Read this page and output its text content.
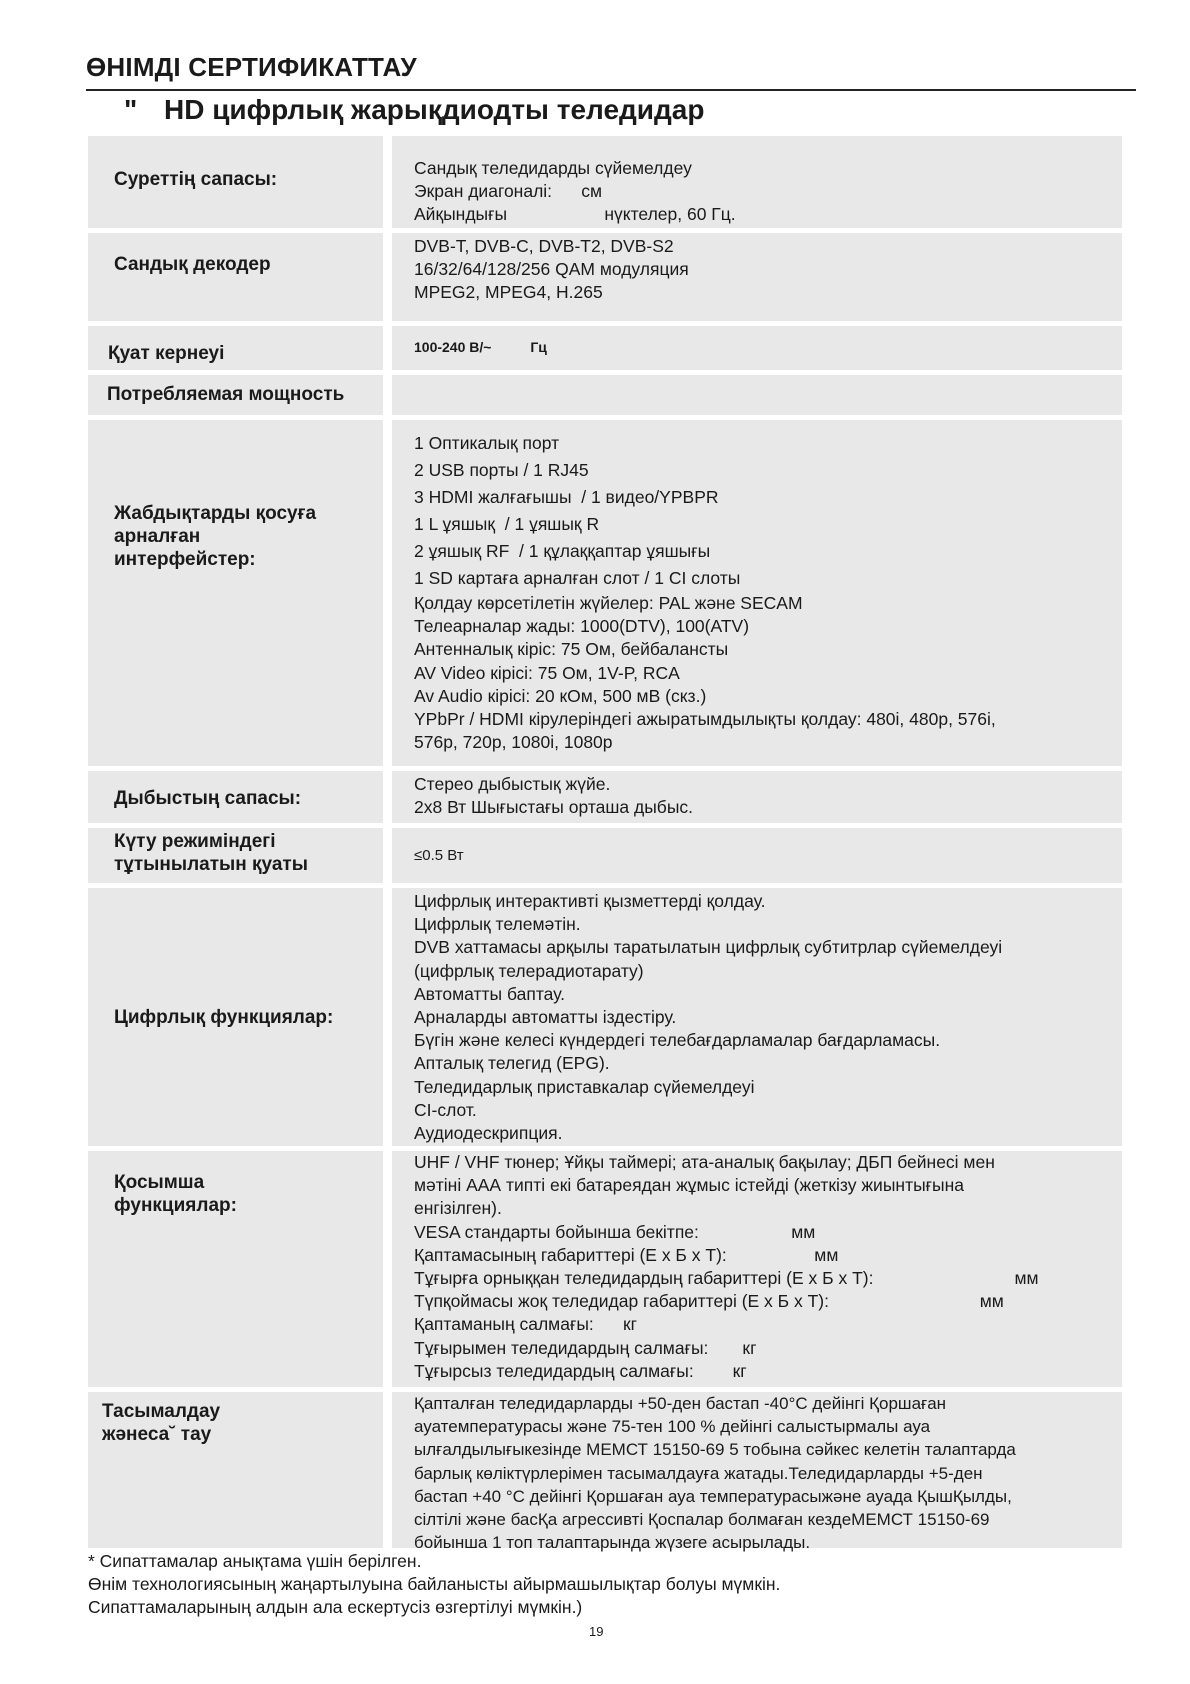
ӨНІМДІ СЕРТИФИКАТТАУ
" HD цифрлық жарықдиодты теледидар
Суреттің сапасы:
Сандық теледидарды сүйемелдеу
Экран диагоналі:      см
Айқындығы                    нүктелер, 60 Гц.
Сандық декодер
DVB-T, DVB-C, DVB-T2, DVB-S2
16/32/64/128/256 QAM модуляция
MPEG2, MPEG4, H.265
Қуат кернеуі	100-240 В/~          Гц
Потребляемая мощность
Жабдықтарды қосуға
арналған
интерфейстер:
1 Оптикалық порт
2 USB порты / 1 RJ45
3 HDMI жалғағышы  / 1 видео/YPBPR
1 L ұяшық  / 1 ұяшық R
2 ұяшық RF  / 1 құлаққаптар ұяшығы
1 SD картаға арналған слот / 1 CI слоты
Қолдау көрсетілетін жүйелер: PAL және SECAM
Телеарналар жады: 1000(DTV), 100(ATV)
Антенналық кіріс: 75 Ом, бейбалансты
AV Video кірісі: 75 Ом, 1V-P, RCA
Av Audio кірісі: 20 кОм, 500 мВ (скз.)
YPbPr / HDMI кірулеріндегі ажыратымдылықты қолдау: 480i, 480p, 576i,
576p, 720p, 1080i, 1080p
Дыбыстың сапасы:
Стерео дыбыстық жүйе.
2x8 Вт Шығыстағы орташа дыбыс.
Күту режиміндегі
тұтынылатын қуаты	≤0.5 Вт
Цифрлық функциялар:
Цифрлық интерактивті қызметтерді қолдау.
Цифрлық телемәтін.
DVB хаттамасы арқылы таратылатын цифрлық субтитрлар сүйемелдеуі
(цифрлық телерадиотарату)
Автоматты баптау.
Арналарды автоматты іздестіру.
Бүгін және келесі күндердегі телебағдарламалар бағдарламасы.
Апталық телегид (EPG).
Теледидарлық приставкалар сүйемелдеуі
CI-слот.
Аудиодескрипция.
Қосымша
функциялар:
UHF / VHF тюнер; Ұйқы таймері; ата-аналық бақылау; ДБП бейнесі мен
мәтіні ААА типті екі батареядан жұмыс істейді (жеткізу жиынтығына
енгізілген).
VESA стандарты бойынша бекітпе:                   мм
Қаптамасының габариттері (Е х Б х Т):                  мм
Тұғырға орныққан теледидардың габариттері (Е х Б х Т):                             мм
Түпқоймасы жоқ теледидар габариттері (Е х Б х Т):                               мм
Қаптаманың салмағы:      кг
Тұғырымен теледидардың салмағы:       кг
Тұғырсыз теледидардың салмағы:        кг
Тасымалдау
жәнеса˘ тау
Қапталған теледидарларды +50-ден бастап -40°С дейінгі Қоршаған
ауатемпературасы және 75-тен 100 % дейінгі салыстырмалы ауа
ылғалдылығыкезінде МЕМСТ 15150-69 5 тобына сәйкес келетін талаптарда
барлық көліктүрлерімен тасымалдауға жатады.Теледидарларды +5-ден
бастап +40 °С дейінгі Қоршаған ауа температурасыжәне ауада ҚышҚылды,
сілтілі және басҚа агрессивті Қоспалар болмаған кездеМЕМСТ 15150-69
бойынша 1 топ талаптарында жүзеге асырылады.
* Сипаттамалар анықтама үшін берілген.
Өнім технологиясының жаңартылуына байланысты айырмашылықтар болуы мүмкін.
Сипаттамаларының алдын ала ескертусіз өзгертілуі мүмкін.)
19
